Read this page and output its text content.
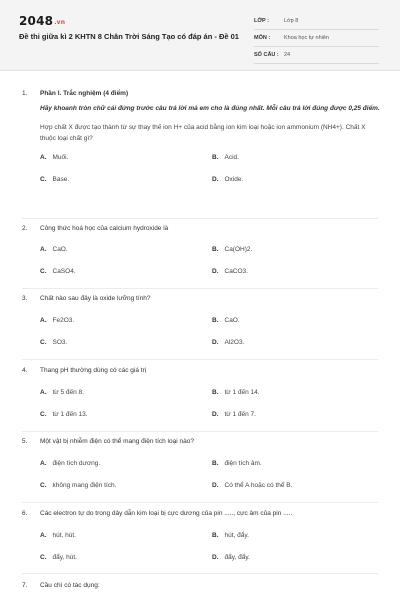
2048.vn
Đề thi giữa kì 2 KHTN 8 Chân Trời Sáng Tạo có đáp án - Đề 01
LỚP :	Lớp 8
MÔN :	Khoa học tự nhiên
SỐ CÂU : 24
1.	Phần I. Trắc nghiệm (4 điểm)
Hãy khoanh tròn chữ cái đứng trước câu trả lời mà em cho là đúng nhất. Mỗi câu trả lời đúng được 0,25 điểm.
Hợp chất X được tạo thành từ sự thay thế ion H+ của acid bằng ion kim loại hoặc ion ammonium (NH4+). Chất X thuộc loại chất gì?
A. Muối.	B. Acid.
C. Base.	D. Oxide.
2.	Công thức hoá học của calcium hydroxide là
A. CaO.	B. Ca(OH)2.
C. CaSO4.	D. CaCO3.
3.	Chất nào sau đây là oxide lưỡng tính?
A. Fe2O3.	B. CaO.
C. SO3.	D. Al2O3.
4.	Thang pH thường dùng có các giá trị
A. từ 5 đến 8.	B. từ 1 đến 14.
C. từ 1 đến 13.	D. từ 1 đến 7.
5.	Một vật bị nhiễm điện có thể mang điện tích loại nào?
A. điện tích dương.	B. điện tích âm.
C. không mang điện tích.	D. Có thể A hoặc có thể B.
6.	Các electron tự do trong dây dẫn kim loại bị cực dương của pin ....., cực âm của pin .....
A. hút, hút.	B. hút, đẩy.
C. đẩy, hút.	D. đẩy, đẩy.
7.	Cầu chì có tác dụng:
